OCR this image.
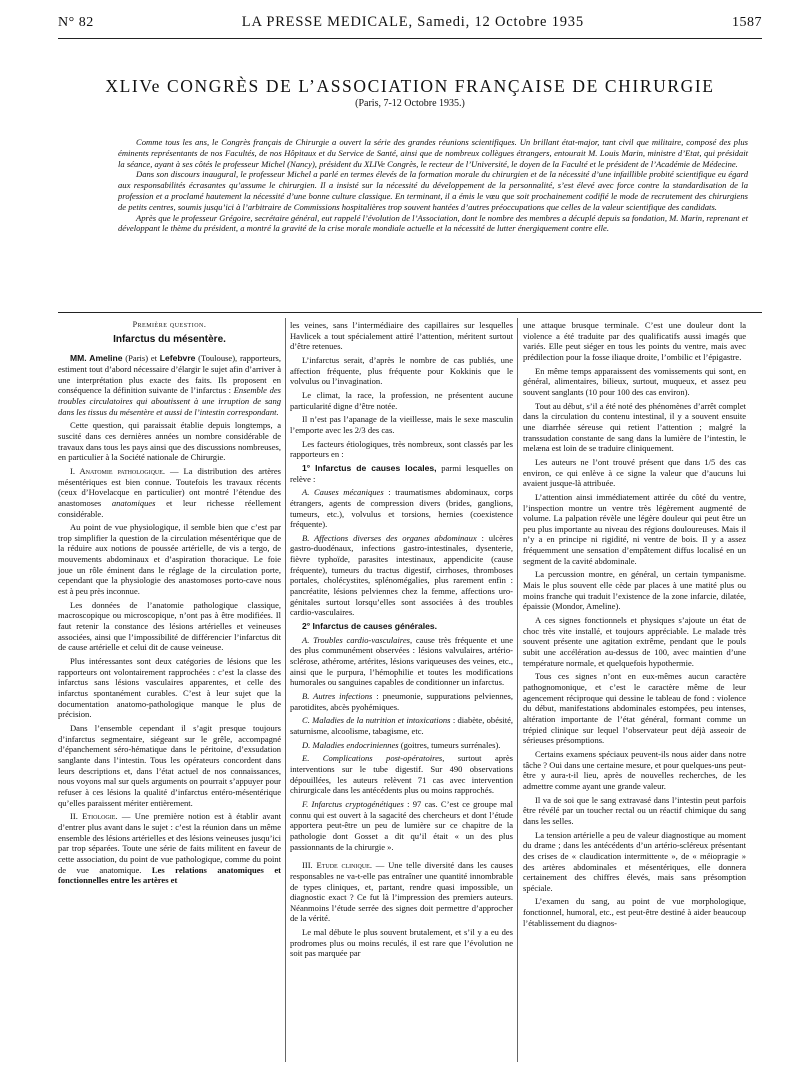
N° 82	LA PRESSE MEDICALE, Samedi, 12 Octobre 1935	1587
XLIVe CONGRÈS DE L’ASSOCIATION FRANÇAISE DE CHIRURGIE
(Paris, 7-12 Octobre 1935.)

Comme tous les ans, le Congrès français de Chirurgie a ouvert la série des grandes réunions scientifiques. Un brillant état-major, tant civil que militaire, composé des plus éminents représentants de nos Facultés, de nos Hôpitaux et du Service de Santé, ainsi que de nombreux collègues étrangers, entourait M. Louis Marin, ministre d’Etat, qui présidait la séance, ayant à ses côtés le professeur Michel (Nancy), président du XLIVe Congrès, le recteur de l’Université, le doyen de la Faculté et le président de l’Académie de Médecine.

Dans son discours inaugural, le professeur Michel a parlé en termes élevés de la formation morale du chirurgien et de la nécessité d’une infaillible probité scientifique eu égard aux responsabilités écrasantes qu’assume le chirurgien. Il a insisté sur la nécessité du développement de la personnalité, s’est élevé avec force contre la standardisation de la profession et a proclamé hautement la nécessité d’une bonne culture classique. En terminant, il a émis le vœu que soit prochainement codifié le mode de recrutement des chirurgiens de petits centres, soumis jusqu’ici à l’arbitraire de Commissions hospitalières trop souvent hantées d’autres préoccupations que celles de la valeur scientifique des candidats.

Après que le professeur Grégoire, secrétaire général, eut rappelé l’évolution de l’Association, dont le nombre des membres a décuplé depuis sa fondation, M. Marin, reprenant et développant le thème du président, a montré la gravité de la crise morale mondiale actuelle et la nécessité de lutter énergiquement contre elle.

Première question.

Infarctus du mésentère.

MM. Ameline (Paris) et Lefebvre (Toulouse), rapporteurs, estiment tout d’abord nécessaire d’élargir le sujet afin d’arriver à une interprétation plus exacte des faits. Ils proposent en conséquence la définition suivante de l’infarctus : Ensemble des troubles circulatoires qui aboutissent à une irruption de sang dans les tissus du mésentère et aussi de l’intestin correspondant.

Cette question, qui paraissait établie depuis longtemps, a suscité dans ces dernières années un nombre considérable de travaux dans tous les pays ainsi que des discussions nombreuses, en particulier à la Société nationale de Chirurgie.

I. Anatomie pathologique. — La distribution des artères mésentériques est bien connue. Toutefois les travaux récents (ceux d’Hovelacque en particulier) ont montré l’étendue des anastomoses anatomiques et leur richesse réellement considérable.

Au point de vue physiologique, il semble bien que c’est par trop simplifier la question de la circulation mésentérique que de la réduire aux notions de poussée artérielle, de vis a tergo, de mouvements abdominaux et d’aspiration thoracique. Le foie joue un rôle éminent dans le réglage de la circulation porte, cependant que la physiologie des anastomoses porto-cave nous est à peu près inconnue.

Les données de l’anatomie pathologique classique, macroscopique ou microscopique, n’ont pas à être modifiées. Il faut retenir la constance des lésions artérielles et veineuses associées, ainsi que l’impossibilité de différencier l’infarctus dit de cause artérielle et celui dit de cause veineuse.

Plus intéressantes sont deux catégories de lésions que les rapporteurs ont volontairement rapprochées : c’est la classe des infarctus sans lésions vasculaires apparentes, et celle des infarctus spontanément curables. C’est à leur sujet que la documentation anatomo-pathologique manque le plus de précision.

Dans l’ensemble cependant il s’agit presque toujours d’infarctus segmentaire, siégeant sur le grêle, accompagné d’épanchement séro-hématique dans le péritoine, d’exsudation sanglante dans l’intestin. Tous les opérateurs concordent dans leurs descriptions et, dans l’état actuel de nos connaissances, nous voyons mal sur quels arguments on pourrait s’appuyer pour refuser à ces lésions la qualité d’infarctus entéro-mésentérique qu’elles paraissent mériter entièrement.

II. Etiologie. — Une première notion est à établir avant d’entrer plus avant dans le sujet : c’est la réunion dans un même ensemble des lésions artérielles et des lésions veineuses jusqu’ici par trop séparées. Toute une série de faits militent en faveur de cette association, du point de vue pathologique, comme du point de vue anatomique. Les relations anatomiques et fonctionnelles entre les artères et

les veines, sans l’intermédiaire des capillaires sur lesquelles Havlicek a tout spécialement attiré l’attention, méritent surtout d’être retenues.

L’infarctus serait, d’après le nombre de cas publiés, une affection fréquente, plus fréquente pour Kokkinis que le volvulus ou l’invagination.

Le climat, la race, la profession, ne présentent aucune particularité digne d’être notée.

Il n’est pas l’apanage de la vieillesse, mais le sexe masculin l’emporte avec les 2/3 des cas.

Les facteurs étiologiques, très nombreux, sont classés par les rapporteurs en :

1° Infarctus de causes locales, parmi lesquelles on relève :

A. Causes mécaniques : traumatismes abdominaux, corps étrangers, agents de compression divers (brides, ganglions, tumeurs, etc.), volvulus et torsions, hernies (coexistence fréquente).

B. Affections diverses des organes abdominaux : ulcères gastro-duodénaux, infections gastro-intestinales, dysenterie, fièvre typhoïde, parasites intestinaux, appendicite (cause fréquente), tumeurs du tractus digestif, cirrhoses, thromboses portales, cholécystites, splénomégalies, plus rarement enfin : pancréatite, lésions pelviennes chez la femme, affections uro-génitales surtout lorsqu’elles sont associées à des troubles cardio-vasculaires.

2° Infarctus de causes générales.

A. Troubles cardio-vasculaires, cause très fréquente et une des plus communément observées : lésions valvulaires, artério-sclérose, athérome, artérites, lésions variqueuses des veines, etc., ainsi que le purpura, l’hémophilie et toutes les modifications humorales ou sanguines capables de conditionner un infarctus.

B. Autres infections : pneumonie, suppurations pelviennes, parotidites, abcès pyohémiques.

C. Maladies de la nutrition et intoxications : diabète, obésité, saturnisme, alcoolisme, tabagisme, etc.

D. Maladies endocriniennes (goitres, tumeurs surrénales).

E. Complications post-opératoires, surtout après interventions sur le tube digestif. Sur 490 observations dépouillées, les auteurs relèvent 71 cas avec intervention chirurgicale dans les antécédents plus ou moins rapprochés.

F. Infarctus cryptogénétiques : 97 cas. C’est ce groupe mal connu qui est ouvert à la sagacité des chercheurs et dont l’étude apportera peut-être un peu de lumière sur ce chapitre de la pathologie dont Gosset a dit qu’il était « un des plus passionnants de la chirurgie ».

III. Etude clinique. — Une telle diversité dans les causes responsables ne va-t-elle pas entraîner une quantité innombrable de types cliniques, et, partant, rendre quasi impossible, un diagnostic exact ? Ce fut là l’impression des premiers auteurs. Néanmoins l’étude serrée des signes doit permettre d’approcher de la vérité.

Le mal débute le plus souvent brutalement, et s’il y a eu des prodromes plus ou moins reculés, il est rare que l’évolution ne soit pas marquée par

une attaque brusque terminale. C’est une douleur dont la violence a été traduite par des qualificatifs aussi imagés que variés. Elle peut siéger en tous les points du ventre, mais avec prédilection pour la fosse iliaque droite, l’ombilic et l’épigastre.

En même temps apparaissent des vomissements qui sont, en général, alimentaires, bilieux, surtout, muqueux, et assez peu souvent sanglants (10 pour 100 des cas environ).

Tout au début, s’il a été noté des phénomènes d’arrêt complet dans la circulation du contenu intestinal, il y a souvent ensuite une diarrhée séreuse qui retient l’attention ; malgré la transsudation constante de sang dans la lumière de l’intestin, le melæna est loin de se traduire cliniquement.

Les auteurs ne l’ont trouvé présent que dans 1/5 des cas environ, ce qui enlève à ce signe la valeur que d’aucuns lui avaient jusque-là attribuée.

L’attention ainsi immédiatement attirée du côté du ventre, l’inspection montre un ventre très légèrement augmenté de volume. La palpation révèle une légère douleur qui peut être un peu plus importante au niveau des régions douloureuses. Mais il n’y a en principe ni rigidité, ni ventre de bois. Il y a assez fréquemment une sensation d’empâtement diffus localisé en un segment de la cavité abdominale.

La percussion montre, en général, un certain tympanisme. Mais le plus souvent elle cède par places à une matité plus ou moins franche qui traduit l’existence de la zone infarcie, dilatée, épaissie (Mondor, Ameline).

A ces signes fonctionnels et physiques s’ajoute un état de choc très vite installé, et toujours appréciable. Le malade très souvent présente une agitation extrême, pendant que le pouls subit une accélération au-dessus de 100, avec maintien d’une température normale, et quelquefois hypothermie.

Tous ces signes n’ont en eux-mêmes aucun caractère pathognomonique, et c’est le caractère même de leur agencement réciproque qui dessine le tableau de fond : violence du début, manifestations abdominales estompées, peu intenses, altération importante de l’état général, formant comme un trépied clinique sur lequel l’observateur peut déjà asseoir de sérieuses présomptions.

Certains examens spéciaux peuvent-ils nous aider dans notre tâche ? Oui dans une certaine mesure, et pour quelques-uns peut-être y aura-t-il lieu, après de nouvelles recherches, de les admettre comme ayant une grande valeur.

Il va de soi que le sang extravasé dans l’intestin peut parfois être révélé par un toucher rectal ou un réactif chimique du sang dans les selles.

La tension artérielle a peu de valeur diagnostique au moment du drame ; dans les antécédents d’un artério-scléreux présentant des crises de « claudication intermittente », de « méiopragie » des artères abdominales et mésentériques, elle donnera certainement des chiffres élevés, mais sans présomption spéciale.

L’examen du sang, au point de vue morphologique, fonctionnel, humoral, etc., est peut-être destiné à aider beaucoup l’établissement du diagnos-
